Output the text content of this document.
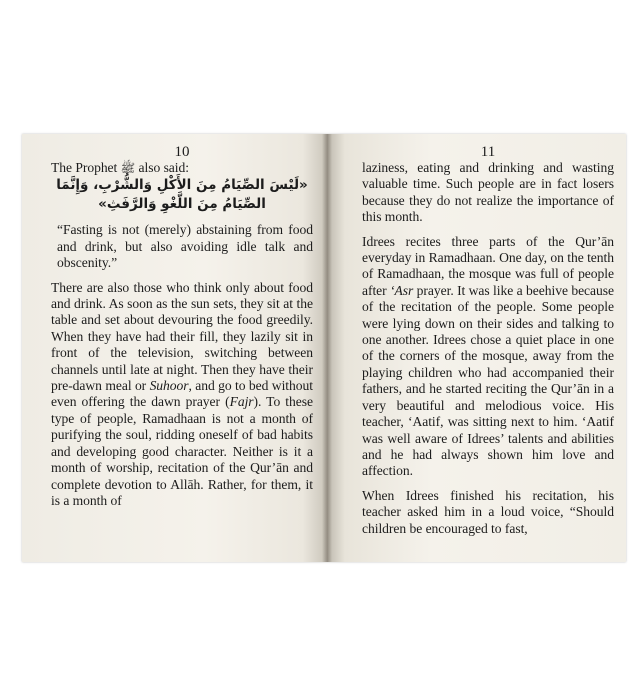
10

The Prophet ﷺ also said:

«لَيْسَ الصِّيَامُ مِنَ الأَكْلِ وَالشُّرْبِ، وَإِنَّمَا

الصِّيَامُ مِنَ اللَّغْوِ وَالرَّفَثِ»

“Fasting is not (merely) abstaining from food and drink, but also avoiding idle talk and obscenity.”

There are also those who think only about food and drink. As soon as the sun sets, they sit at the table and set about devouring the food greedily. When they have had their fill, they lazily sit in front of the television, switching between channels until late at night. Then they have their pre-dawn meal or Suhoor, and go to bed without even offering the dawn prayer (Fajr). To these type of people, Ramadhaan is not a month of purifying the soul, ridding oneself of bad habits and developing good character. Neither is it a month of worship, recitation of the Qur’ān and complete devotion to Allāh. Rather, for them, it is a month of

11

laziness, eating and drinking and wasting valuable time. Such people are in fact losers because they do not realize the importance of this month.

Idrees recites three parts of the Qur’ān everyday in Ramadhaan. One day, on the tenth of Ramadhaan, the mosque was full of people after ‘Asr prayer. It was like a beehive because of the recitation of the people. Some people were lying down on their sides and talking to one another. Idrees chose a quiet place in one of the corners of the mosque, away from the playing children who had accompanied their fathers, and he started reciting the Qur’ān in a very beautiful and melodious voice. His teacher, ‘Aatif, was sitting next to him. ‘Aatif was well aware of Idrees’ talents and abilities and he had always shown him love and affection.

When Idrees finished his recitation, his teacher asked him in a loud voice, “Should children be encouraged to fast,
